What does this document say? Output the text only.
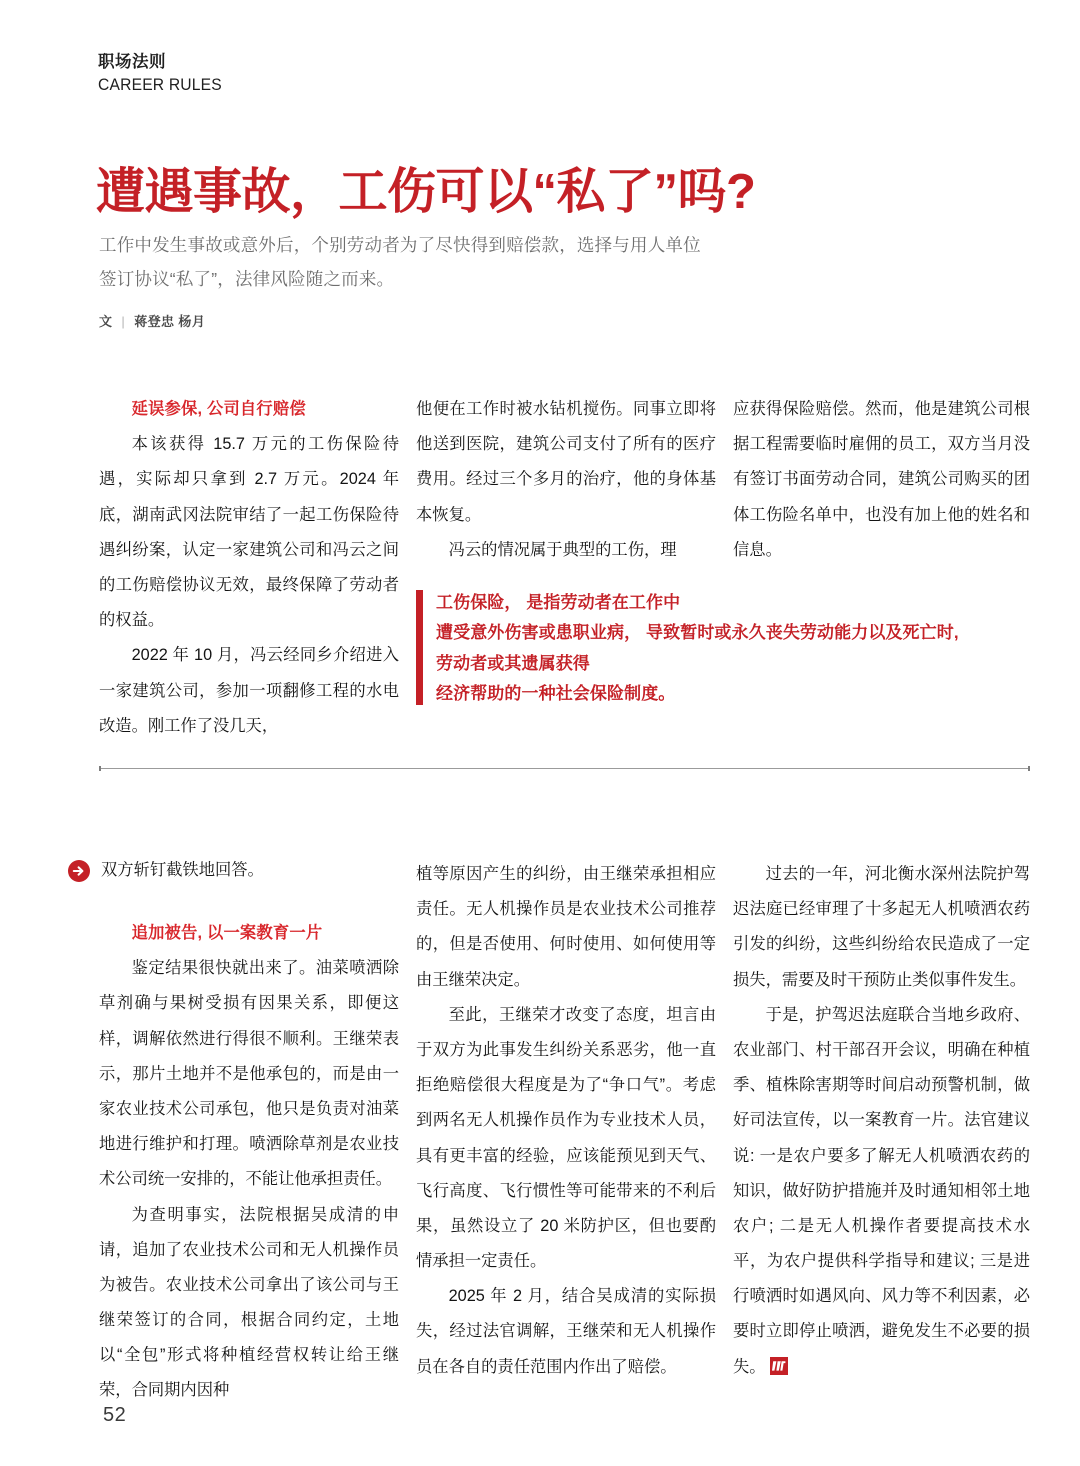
职场法则
CAREER RULES
遭遇事故，工伤可以“私了”吗?
工作中发生事故或意外后，个别劳动者为了尽快得到赔偿款，选择与用人单位签订协议“私了”，法律风险随之而来。
文 | 蒋登忠 杨月

延误参保, 公司自行赔偿

本该获得 15.7 万元的工伤保险待遇，实际却只拿到 2.7 万元。2024 年底，湖南武冈法院审结了一起工伤保险待遇纠纷案，认定一家建筑公司和冯云之间的工伤赔偿协议无效，最终保障了劳动者的权益。

2022 年 10 月，冯云经同乡介绍进入一家建筑公司，参加一项翻修工程的水电改造。刚工作了没几天，

他便在工作时被水钻机搅伤。同事立即将他送到医院，建筑公司支付了所有的医疗费用。经过三个多月的治疗，他的身体基本恢复。

冯云的情况属于典型的工伤，理

应获得保险赔偿。然而，他是建筑公司根据工程需要临时雇佣的员工，双方当月没有签订书面劳动合同，建筑公司购买的团体工伤险名单中，也没有加上他的姓名和信息。

工伤保险， 是指劳动者在工作中
遭受意外伤害或患职业病， 导致暂时或永久丧失劳动能力以及死亡时,
劳动者或其遗属获得
经济帮助的一种社会保险制度。
双方斩钉截铁地回答。

追加被告, 以一案教育一片

鉴定结果很快就出来了。油菜喷洒除草剂确与果树受损有因果关系，即便这样，调解依然进行得很不顺利。王继荣表示，那片土地并不是他承包的，而是由一家农业技术公司承包，他只是负责对油菜地进行维护和打理。喷洒除草剂是农业技术公司统一安排的，不能让他承担责任。

为查明事实，法院根据吴成清的申请，追加了农业技术公司和无人机操作员为被告。农业技术公司拿出了该公司与王继荣签订的合同，根据合同约定，土地以“全包”形式将种植经营权转让给王继荣，合同期内因种

植等原因产生的纠纷，由王继荣承担相应责任。无人机操作员是农业技术公司推荐的，但是否使用、何时使用、如何使用等由王继荣决定。

至此，王继荣才改变了态度，坦言由于双方为此事发生纠纷关系恶劣，他一直拒绝赔偿很大程度是为了“争口气”。考虑到两名无人机操作员作为专业技术人员，具有更丰富的经验，应该能预见到天气、飞行高度、飞行惯性等可能带来的不利后果，虽然设立了 20 米防护区，但也要酌情承担一定责任。

2025 年 2 月，结合吴成清的实际损失，经过法官调解，王继荣和无人机操作员在各自的责任范围内作出了赔偿。

过去的一年，河北衡水深州法院护驾迟法庭已经审理了十多起无人机喷洒农药引发的纠纷，这些纠纷给农民造成了一定损失，需要及时干预防止类似事件发生。

于是，护驾迟法庭联合当地乡政府、农业部门、村干部召开会议，明确在种植季、植株除害期等时间启动预警机制，做好司法宣传，以一案教育一片。法官建议说: 一是农户要多了解无人机喷洒农药的知识，做好防护措施并及时通知相邻土地农户; 二是无人机操作者要提高技术水平，为农户提供科学指导和建议; 三是进行喷洒时如遇风向、风力等不利因素，必要时立即停止喷洒，避免发生不必要的损失。

52
